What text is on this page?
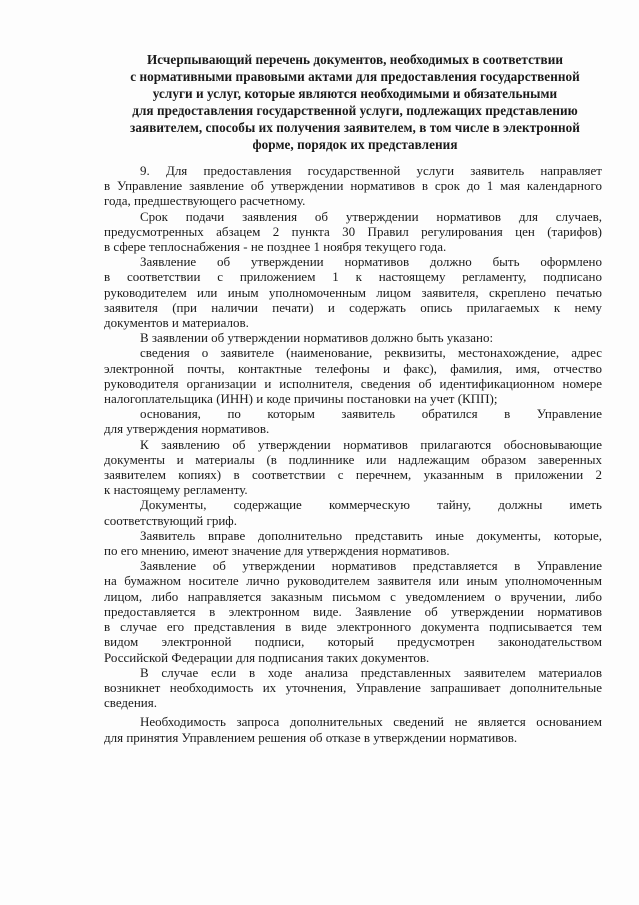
Исчерпывающий перечень документов, необходимых в соответствии
с нормативными правовыми актами для предоставления государственной
услуги и услуг, которые являются необходимыми и обязательными
для предоставления государственной услуги, подлежащих представлению
заявителем, способы их получения заявителем, в том числе в электронной
форме, порядок их представления
9. Для предоставления государственной услуги заявитель направляет
в Управление заявление об утверждении нормативов в срок до 1 мая календарного
года, предшествующего расчетному.
Срок подачи заявления об утверждении нормативов для случаев,
предусмотренных абзацем 2 пункта 30 Правил регулирования цен (тарифов)
в сфере теплоснабжения - не позднее 1 ноября текущего года.
Заявление об утверждении нормативов должно быть оформлено
в соответствии с приложением 1 к настоящему регламенту, подписано
руководителем или иным уполномоченным лицом заявителя, скреплено печатью
заявителя (при наличии печати) и содержать опись прилагаемых к нему
документов и материалов.
В заявлении об утверждении нормативов должно быть указано:
сведения о заявителе (наименование, реквизиты, местонахождение, адрес
электронной почты, контактные телефоны и факс), фамилия, имя, отчество
руководителя организации и исполнителя, сведения об идентификационном номере
налогоплательщика (ИНН) и коде причины постановки на учет (КПП);
основания, по которым заявитель обратился в Управление
для утверждения нормативов.
К заявлению об утверждении нормативов прилагаются обосновывающие
документы и материалы (в подлиннике или надлежащим образом заверенных
заявителем копиях) в соответствии с перечнем, указанным в приложении 2
к настоящему регламенту.
Документы, содержащие коммерческую тайну, должны иметь
соответствующий гриф.
Заявитель вправе дополнительно представить иные документы, которые,
по его мнению, имеют значение для утверждения нормативов.
Заявление об утверждении нормативов представляется в Управление
на бумажном носителе лично руководителем заявителя или иным уполномоченным
лицом, либо направляется заказным письмом с уведомлением о вручении, либо
предоставляется в электронном виде. Заявление об утверждении нормативов
в случае его представления в виде электронного документа подписывается тем
видом электронной подписи, который предусмотрен законодательством
Российской Федерации для подписания таких документов.
В случае если в ходе анализа представленных заявителем материалов
возникнет необходимость их уточнения, Управление запрашивает дополнительные
сведения.
Необходимость запроса дополнительных сведений не является основанием
для принятия Управлением решения об отказе в утверждении нормативов.
